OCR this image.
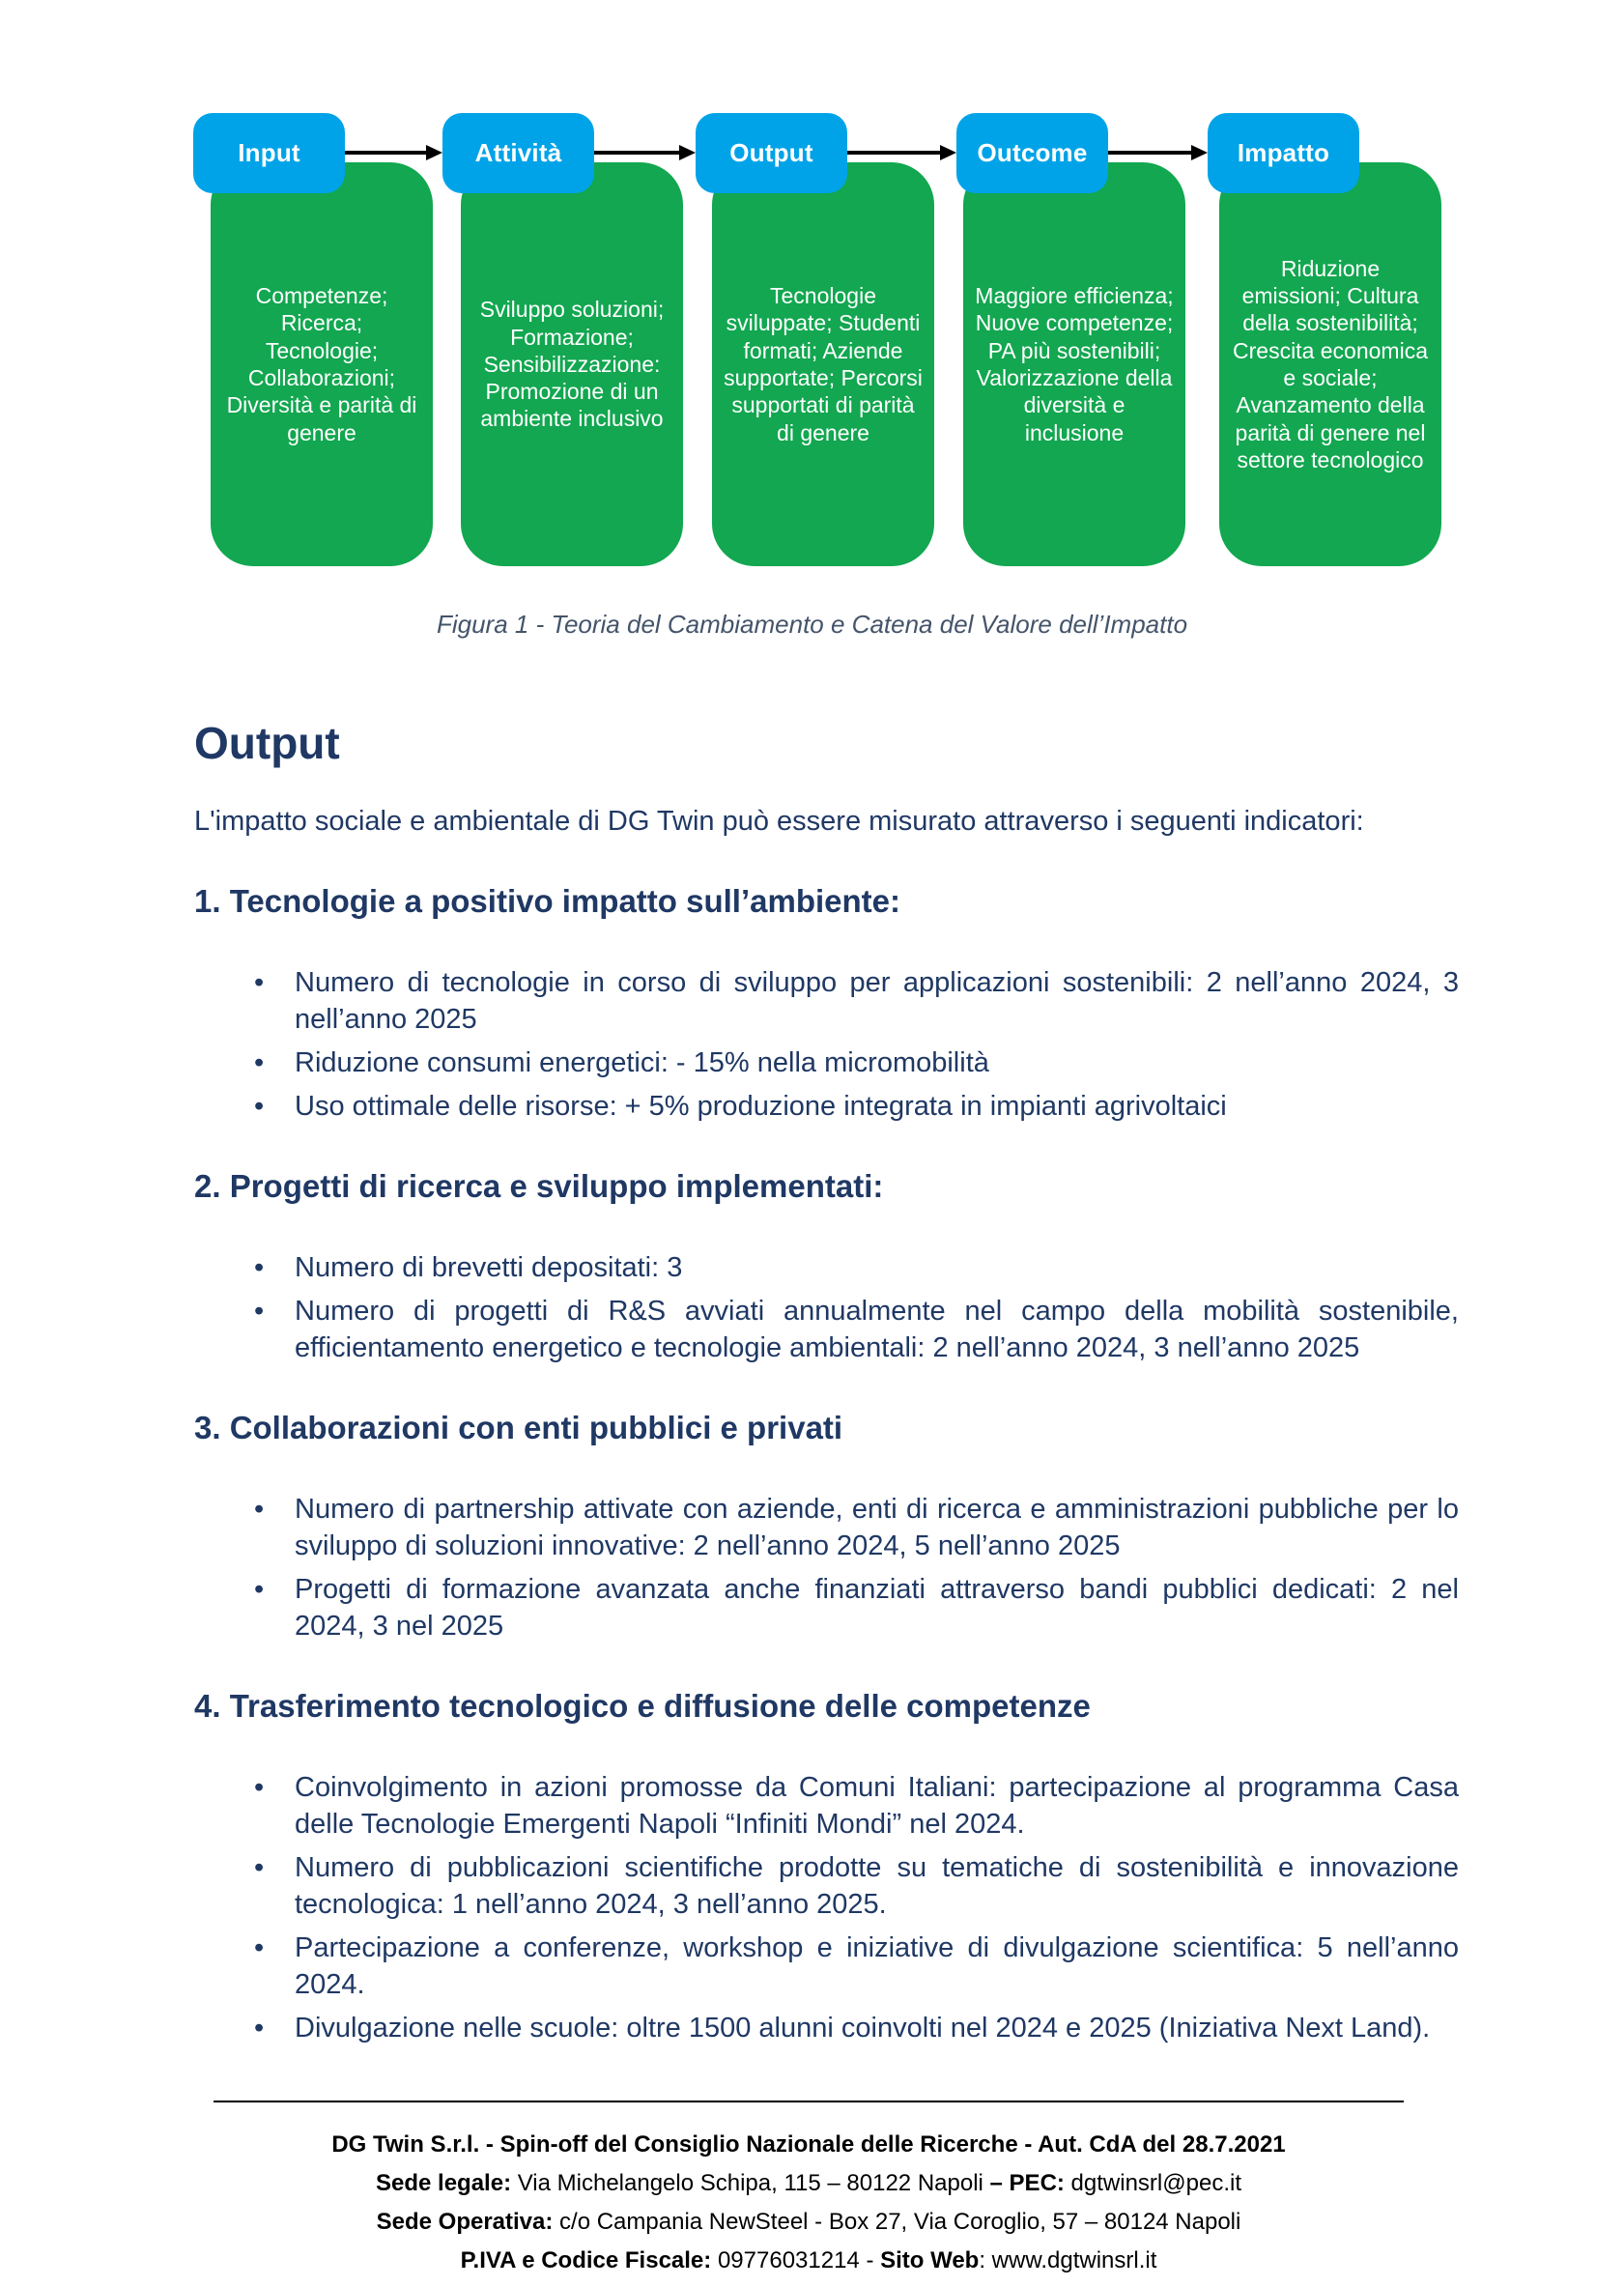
Competenze; Ricerca; Tecnologie; Collaborazioni; Diversità e parità di genere
Sviluppo soluzioni; Formazione; Sensibilizzazione: Promozione di un ambiente inclusivo
Tecnologie sviluppate; Studenti formati; Aziende supportate; Percorsi supportati di parità di genere
Maggiore efficienza; Nuove competenze; PA più sostenibili; Valorizzazione della diversità e inclusione
Riduzione emissioni; Cultura della sostenibilità; Crescita economica e sociale; Avanzamento della parità di genere nel settore tecnologico
Input	Attività	Output	Outcome	Impatto
Figura 1 - Teoria del Cambiamento e Catena del Valore dell’Impatto
Output

L'impatto sociale e ambientale di DG Twin può essere misurato attraverso i seguenti indicatori:

1. Tecnologie a positivo impatto sull’ambiente:
•	Numero di tecnologie in corso di sviluppo per applicazioni sostenibili: 2 nell’anno 2024, 3 nell’anno 2025

•	Riduzione consumi energetici: - 15% nella micromobilità

•	Uso ottimale delle risorse: + 5% produzione integrata in impianti agrivoltaici

2. Progetti di ricerca e sviluppo implementati:
•	Numero di brevetti depositati: 3

•	Numero di progetti di R&S avviati annualmente nel campo della mobilità sostenibile, efficientamento energetico e tecnologie ambientali: 2 nell’anno 2024, 3 nell’anno 2025

3. Collaborazioni con enti pubblici e privati
•	Numero di partnership attivate con aziende, enti di ricerca e amministrazioni pubbliche per lo sviluppo di soluzioni innovative: 2 nell’anno 2024, 5 nell’anno 2025

•	Progetti di formazione avanzata anche finanziati attraverso bandi pubblici dedicati: 2 nel 2024, 3 nel 2025

4. Trasferimento tecnologico e diffusione delle competenze
•	Coinvolgimento in azioni promosse da Comuni Italiani: partecipazione al programma Casa delle Tecnologie Emergenti Napoli “Infiniti Mondi” nel 2024.

•	Numero di pubblicazioni scientifiche prodotte su tematiche di sostenibilità e innovazione tecnologica: 1 nell’anno 2024, 3 nell’anno 2025.

•	Partecipazione a conferenze, workshop e iniziative di divulgazione scientifica: 5 nell’anno 2024.

•	Divulgazione nelle scuole: oltre 1500 alunni coinvolti nel 2024 e 2025 (Iniziativa Next Land).

DG Twin S.r.l. - Spin-off del Consiglio Nazionale delle Ricerche - Aut. CdA del 28.7.2021
Sede legale: Via Michelangelo Schipa, 115 – 80122 Napoli – PEC: dgtwinsrl@pec.it
Sede Operativa: c/o Campania NewSteel - Box 27, Via Coroglio, 57 – 80124 Napoli
P.IVA e Codice Fiscale: 09776031214 - Sito Web: www.dgtwinsrl.it
